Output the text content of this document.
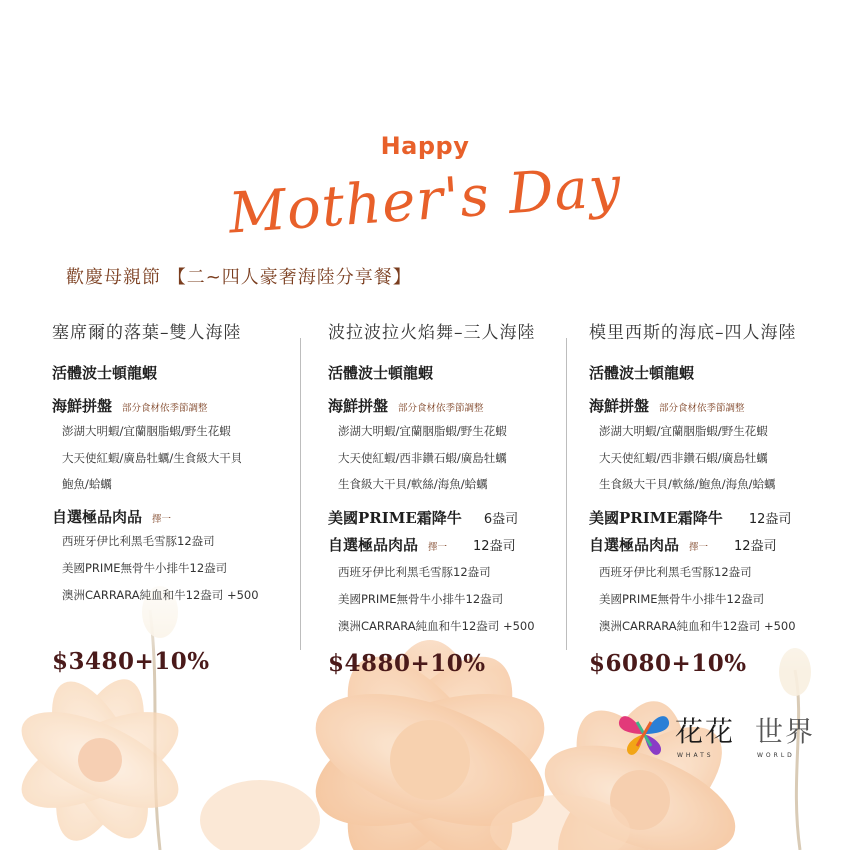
Happy
Mother's Day
歡慶母親節 【二~四人豪奢海陸分享餐】
塞席爾的落葉–雙人海陸
活體波士頓龍蝦
海鮮拼盤 部分食材依季節調整
澎湖大明蝦/宜蘭胭脂蝦/野生花蝦
大天使紅蝦/廣島牡蠣/生食級大干貝
鮑魚/蛤蠣
自選極品肉品 擇一
西班牙伊比利黑毛雪豚12盎司
美國PRIME無骨牛小排牛12盎司
澳洲CARRARA純血和牛12盎司 +500
$3480+10%
波拉波拉火焰舞–三人海陸
活體波士頓龍蝦
海鮮拼盤 部分食材依季節調整
澎湖大明蝦/宜蘭胭脂蝦/野生花蝦
大天使紅蝦/西非鑽石蝦/廣島牡蠣
生食級大干貝/軟絲/海魚/蛤蠣
美國PRIME霜降牛 6盎司
自選極品肉品 擇一 12盎司
西班牙伊比利黑毛雪豚12盎司
美國PRIME無骨牛小排牛12盎司
澳洲CARRARA純血和牛12盎司 +500
$4880+10%
模里西斯的海底–四人海陸
活體波士頓龍蝦
海鮮拼盤 部分食材依季節調整
澎湖大明蝦/宜蘭胭脂蝦/野生花蝦
大天使紅蝦/西非鑽石蝦/廣島牡蠣
生食級大干貝/軟絲/鮑魚/海魚/蛤蠣
美國PRIME霜降牛 12盎司
自選極品肉品 擇一 12盎司
西班牙伊比利黑毛雪豚12盎司
美國PRIME無骨牛小排牛12盎司
澳洲CARRARA純血和牛12盎司 +500
$6080+10%
花花 世界
WHATS	WORLD
